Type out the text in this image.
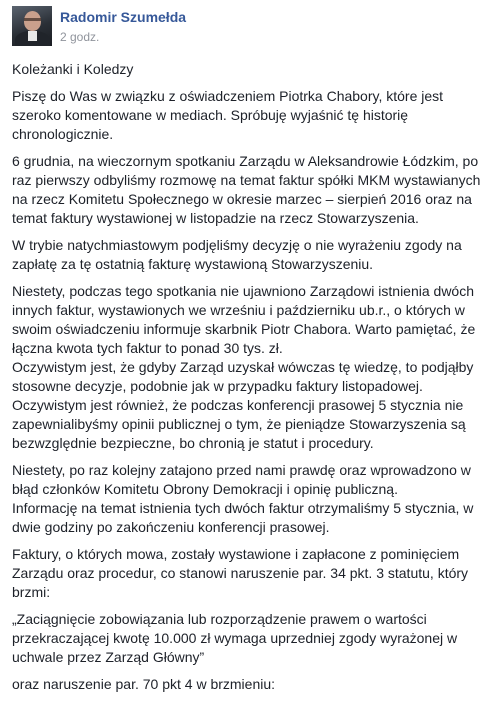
Radomir Szumełda
2 godz.

Koleżanki i Koledzy

Piszę do Was w związku z oświadczeniem Piotrka Chabory, które jest szeroko komentowane w mediach. Spróbuję wyjaśnić tę historię chronologicznie.

6 grudnia, na wieczornym spotkaniu Zarządu w Aleksandrowie Łódzkim, po raz pierwszy odbyliśmy rozmowę na temat faktur spółki MKM wystawianych na rzecz Komitetu Społecznego w okresie marzec – sierpień 2016 oraz na temat faktury wystawionej w listopadzie na rzecz Stowarzyszenia.

W trybie natychmiastowym podjęliśmy decyzję o nie wyrażeniu zgody na zapłatę za tę ostatnią fakturę wystawioną Stowarzyszeniu.

Niestety, podczas tego spotkania nie ujawniono Zarządowi istnienia dwóch innych faktur, wystawionych we wrześniu i październiku ub.r., o których w swoim oświadczeniu informuje skarbnik Piotr Chabora. Warto pamiętać, że łączna kwota tych faktur to ponad 30 tys. zł.

Oczywistym jest, że gdyby Zarząd uzyskał wówczas tę wiedzę, to podjąłby stosowne decyzje, podobnie jak w przypadku faktury listopadowej.

Oczywistym jest również, że podczas konferencji prasowej 5 stycznia nie zapewnialibyśmy opinii publicznej o tym, że pieniądze Stowarzyszenia są bezwzględnie bezpieczne, bo chronią je statut i procedury.

Niestety, po raz kolejny zatajono przed nami prawdę oraz wprowadzono w błąd członków Komitetu Obrony Demokracji i opinię publiczną.

Informację na temat istnienia tych dwóch faktur otrzymaliśmy 5 stycznia, w dwie godziny po zakończeniu konferencji prasowej.

Faktury, o których mowa, zostały wystawione i zapłacone z pominięciem Zarządu oraz procedur, co stanowi naruszenie par. 34 pkt. 3 statutu, który brzmi:

„Zaciągnięcie zobowiązania lub rozporządzenie prawem o wartości przekraczającej kwotę 10.000 zł wymaga uprzedniej zgody wyrażonej w uchwale przez Zarząd Główny”

oraz naruszenie par. 70 pkt 4 w brzmieniu:
